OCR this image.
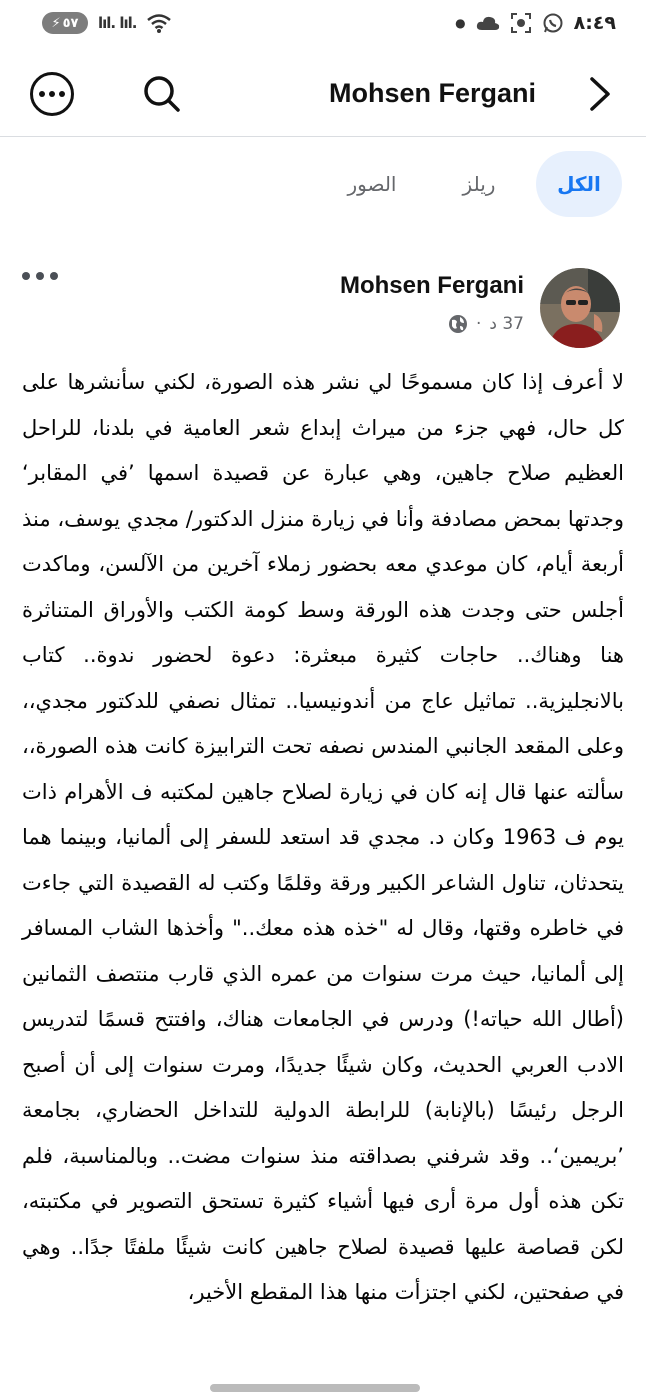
⚡ ٥٧ lıl. lıl.	●	٨:٤٩
Mohsen Fergani
الكل
ريلز
الصور
Mohsen Fergani
37 د
·
لا أعرف إذا كان مسموحًا لي نشر هذه الصورة، لكني سأنشرها على كل حال، فهي جزء من ميراث إبداع شعر العامية في بلدنا، للراحل العظيم صلاح جاهين، وهي عبارة عن قصيدة اسمها ’في المقابر‘ وجدتها بمحض مصادفة وأنا في زيارة منزل الدكتور/ مجدي يوسف، منذ أربعة أيام، كان موعدي معه بحضور زملاء آخرين من الآلسن، وماكدت أجلس حتى وجدت هذه الورقة وسط كومة الكتب والأوراق المتناثرة هنا وهناك.. حاجات كثيرة مبعثرة: دعوة لحضور ندوة.. كتاب بالانجليزية.. تماثيل عاج من أندونيسيا.. تمثال نصفي للدكتور مجدي،، وعلى المقعد الجانبي المندس نصفه تحت الترابيزة كانت هذه الصورة،، سألته عنها قال إنه كان في زيارة لصلاح جاهين لمكتبه ف الأهرام ذات يوم ف 1963 وكان د. مجدي قد استعد للسفر إلى ألمانيا، وبينما هما يتحدثان، تناول الشاعر الكبير ورقة وقلمًا وكتب له القصيدة التي جاءت في خاطره وقتها، وقال له "خذه هذه معك.." وأخذها الشاب المسافر إلى ألمانيا، حيث مرت سنوات من عمره الذي قارب منتصف الثمانين (أطال الله حياته!) ودرس في الجامعات هناك، وافتتح قسمًا لتدريس الادب العربي الحديث، وكان شيئًا جديدًا، ومرت سنوات إلى أن أصبح الرجل رئيسًا (بالإنابة) للرابطة الدولية للتداخل الحضاري، بجامعة ’بريمين‘.. وقد شرفني بصداقته منذ سنوات مضت.. وبالمناسبة، فلم تكن هذه أول مرة أرى فيها أشياء كثيرة تستحق التصوير في مكتبته، لكن قصاصة عليها قصيدة لصلاح جاهين كانت شيئًا ملفتًا جدًا.. وهي في صفحتين، لكني اجتزأت منها هذا المقطع الأخير،
